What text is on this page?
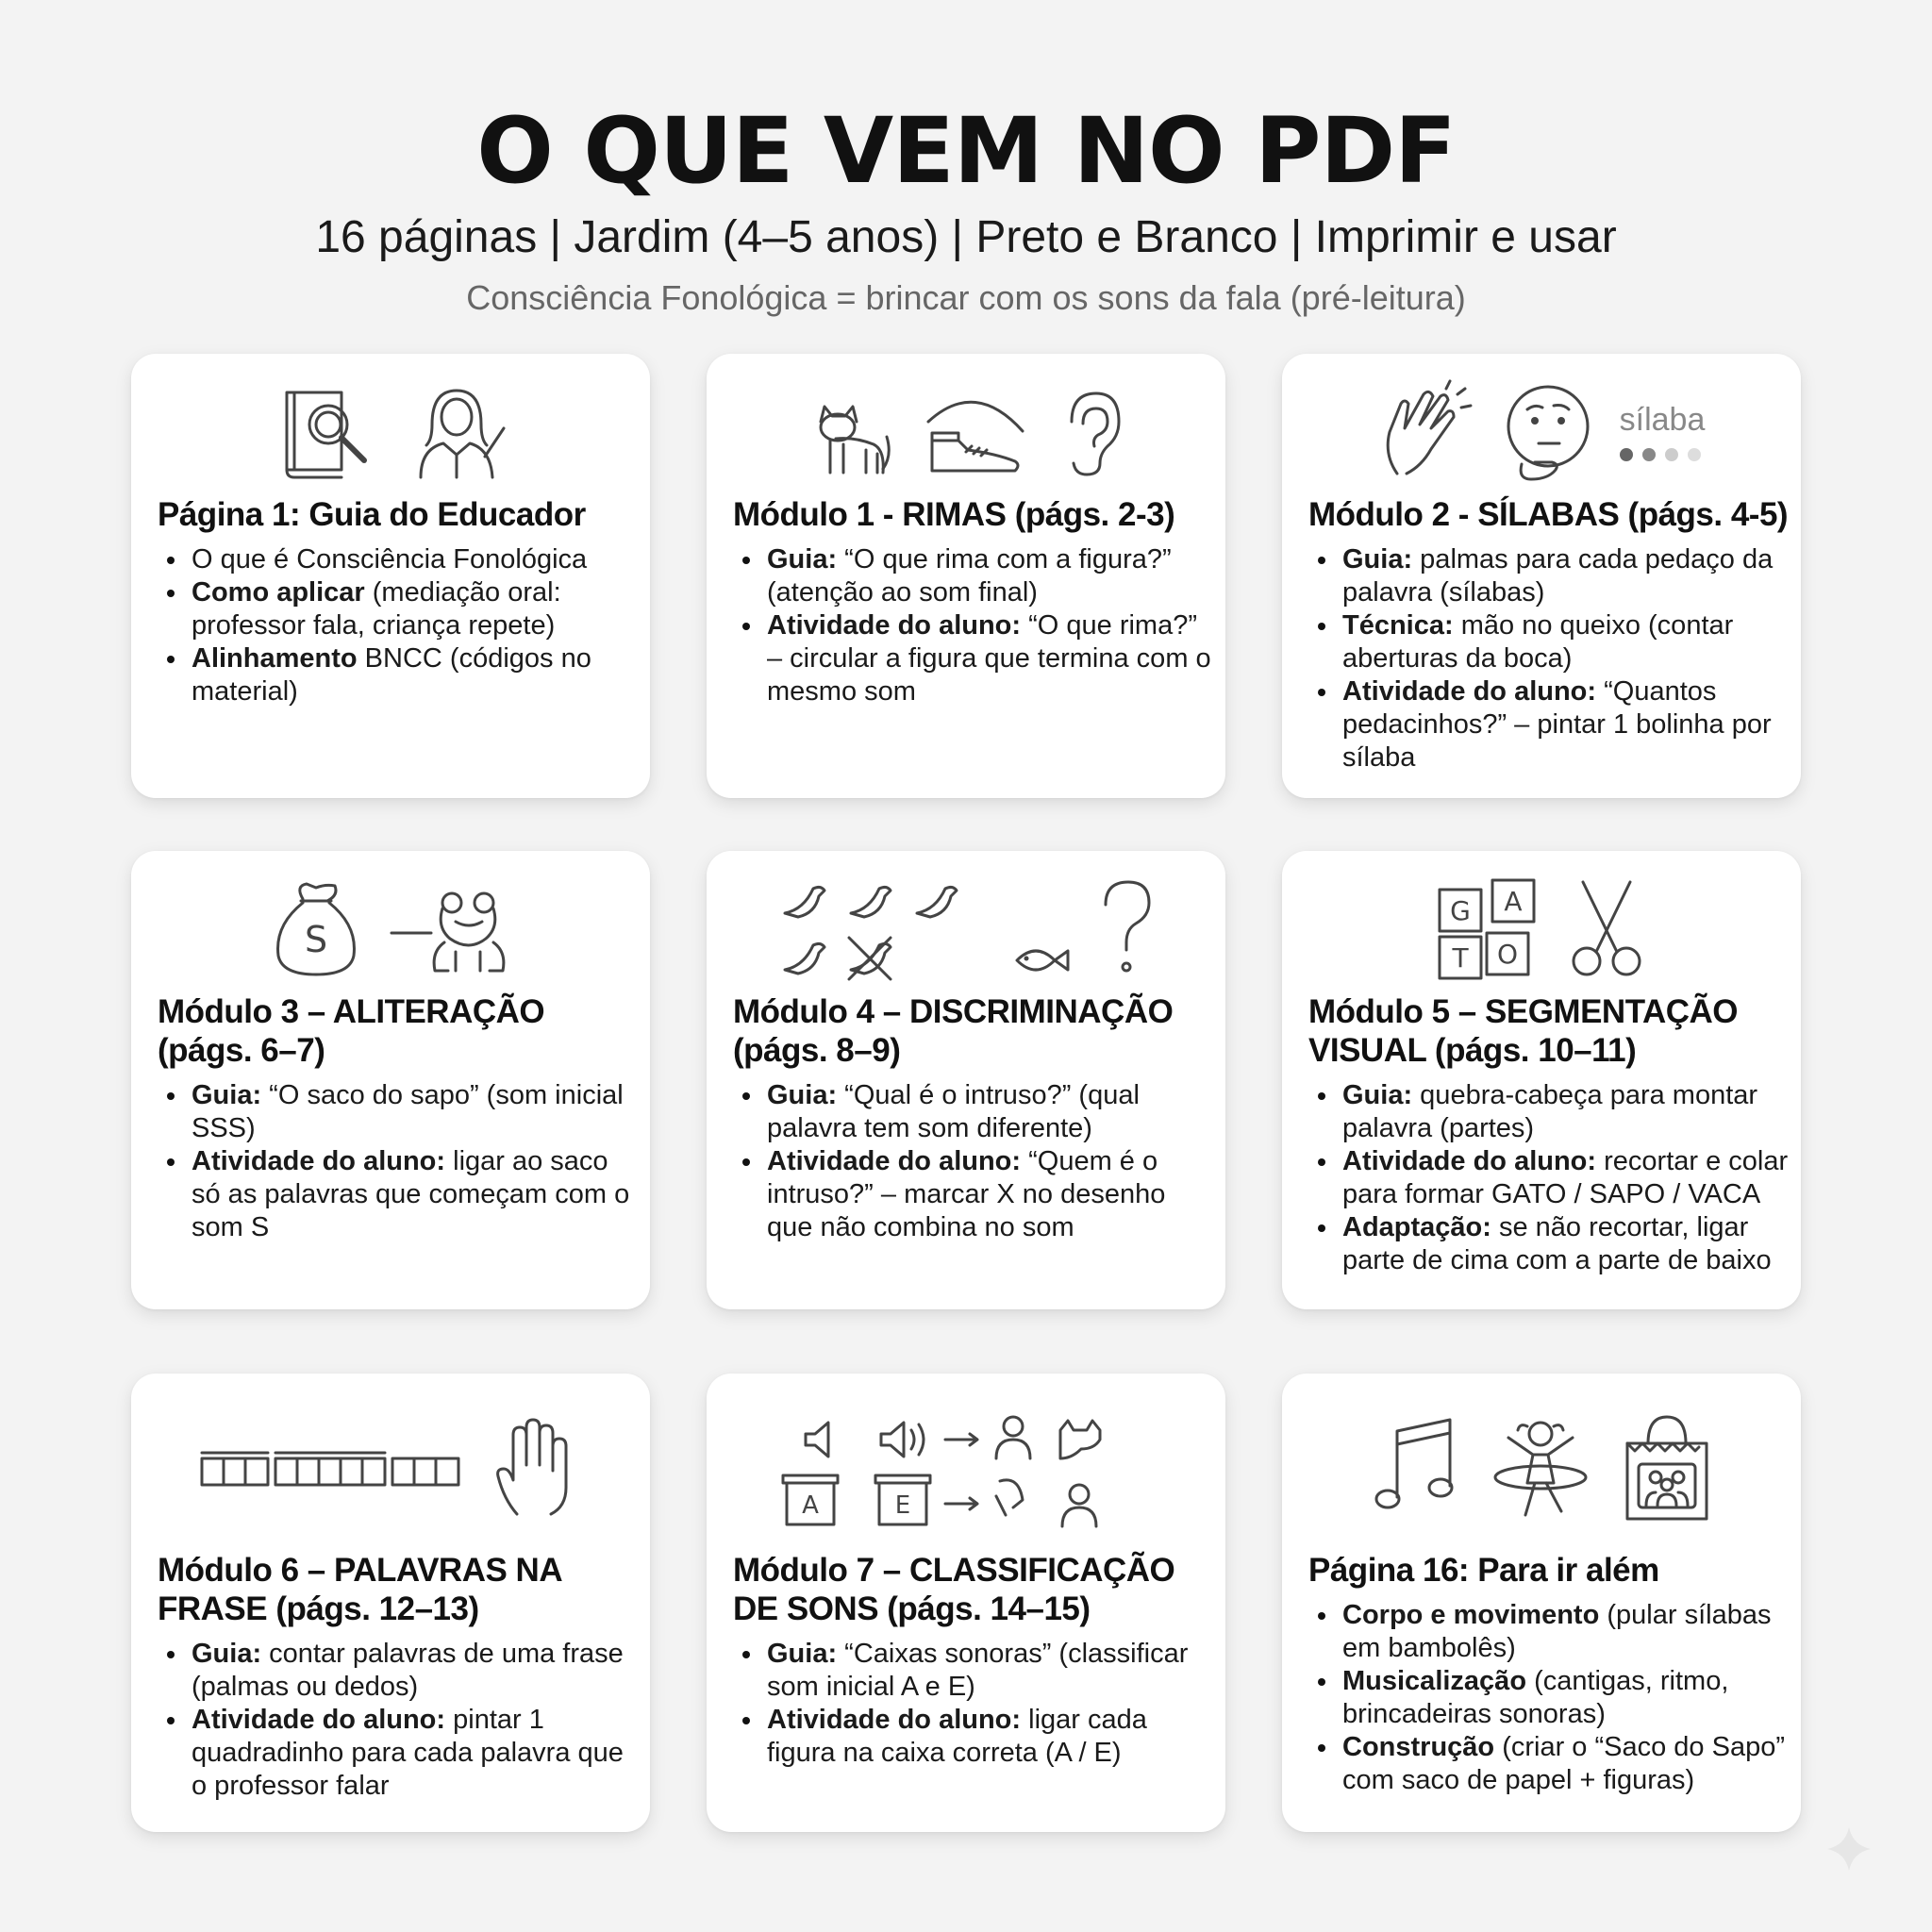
O QUE VEM NO PDF
16 páginas | Jardim (4–5 anos) | Preto e Branco | Imprimir e usar
Consciência Fonológica = brincar com os sons da fala (pré-leitura)
Página 1: Guia do Educador
O que é Consciência Fonológica
Como aplicar (mediação oral: professor fala, criança repete)
Alinhamento BNCC (códigos no material)
Módulo 1 - RIMAS (págs. 2-3)
Guia: “O que rima com a figura?” (atenção ao som final)
Atividade do aluno: “O que rima?” – circular a figura que termina com o mesmo som
sílaba
Módulo 2 - SÍLABAS (págs. 4-5)
Guia: palmas para cada pedaço da palavra (sílabas)
Técnica: mão no queixo (contar aberturas da boca)
Atividade do aluno: “Quantos pedacinhos?” – pintar 1 bolinha por sílaba
S
Módulo 3 – ALITERAÇÃO (págs. 6–7)
Guia: “O saco do sapo” (som inicial SSS)
Atividade do aluno: ligar ao saco só as palavras que começam com o som S
Módulo 4 – DISCRIMINAÇÃO (págs. 8–9)
Guia: “Qual é o intruso?” (qual palavra tem som diferente)
Atividade do aluno: “Quem é o intruso?” – marcar X no desenho que não combina no som
G A
T O
Módulo 5 – SEGMENTAÇÃO VISUAL (págs. 10–11)
Guia: quebra-cabeça para montar palavra (partes)
Atividade do aluno: recortar e colar para formar GATO / SAPO / VACA
Adaptação: se não recortar, ligar parte de cima com a parte de baixo
Módulo 6 – PALAVRAS NA FRASE (págs. 12–13)
Guia: contar palavras de uma frase (palmas ou dedos)
Atividade do aluno: pintar 1 quadradinho para cada palavra que o professor falar
A	E
Módulo 7 – CLASSIFICAÇÃO DE SONS (págs. 14–15)
Guia: “Caixas sonoras” (classificar som inicial A e E)
Atividade do aluno: ligar cada figura na caixa correta (A / E)
Página 16: Para ir além
Corpo e movimento (pular sílabas em bambolês)
Musicalização (cantigas, ritmo, brincadeiras sonoras)
Construção (criar o “Saco do Sapo” com saco de papel + figuras)
